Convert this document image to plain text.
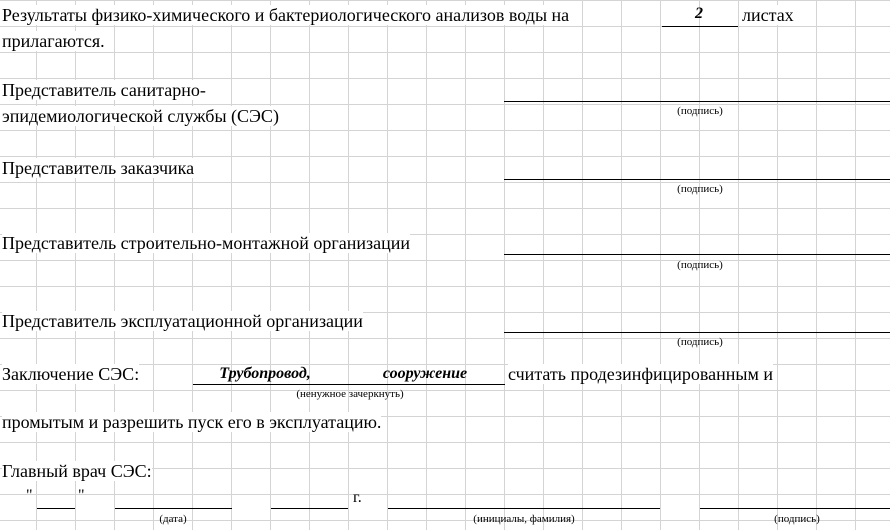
Результаты физико-химического и бактериологического анализов воды на	2	листах
прилагаются.
Представитель санитарно-
эпидемиологической службы (СЭС)	(подпись)
Представитель заказчика
(подпись)
Представитель строительно-монтажной организации
(подпись)
Представитель эксплуатационной организации
(подпись)
Заключение СЭС:	Трубопровод,	сооружение
(ненужное зачеркнуть)
считать продезинфицированным и
промытым и разрешить пуск его в эксплуатацию.
Главный врач СЭС:
"	"	г.
(дата)	(инициалы, фамилия)	(подпись)
